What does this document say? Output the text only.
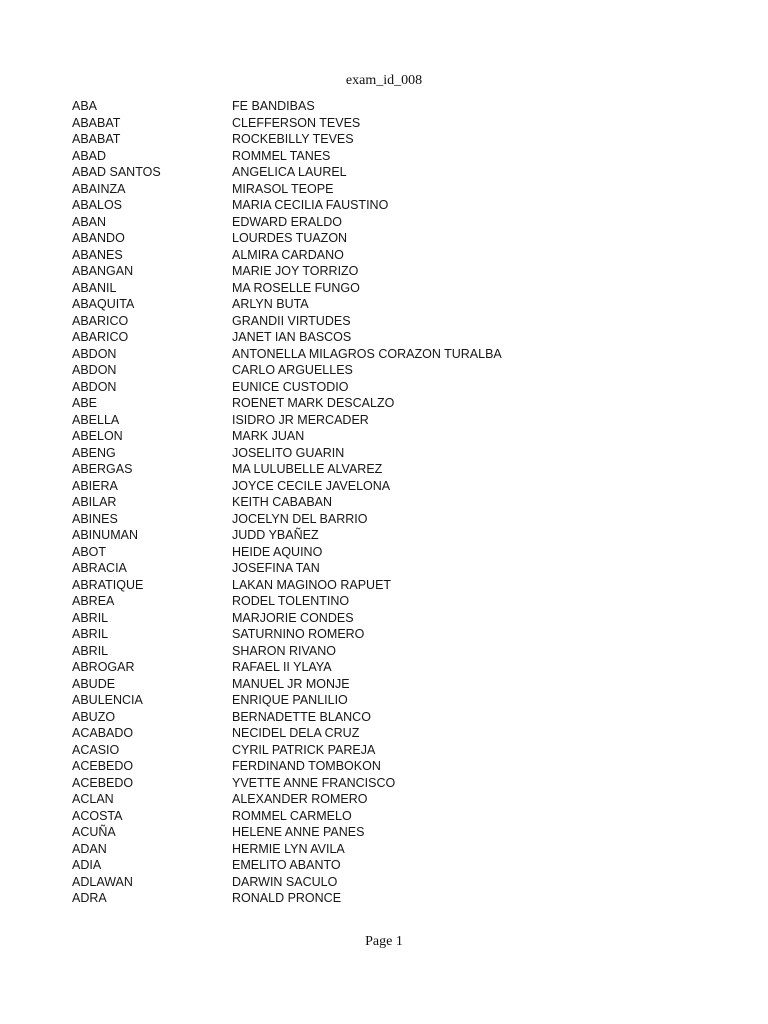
exam_id_008
ABA	FE BANDIBAS
ABABAT	CLEFFERSON TEVES
ABABAT	ROCKEBILLY TEVES
ABAD	ROMMEL TANES
ABAD SANTOS	ANGELICA LAUREL
ABAINZA	MIRASOL TEOPE
ABALOS	MARIA CECILIA FAUSTINO
ABAN	EDWARD ERALDO
ABANDO	LOURDES TUAZON
ABANES	ALMIRA CARDANO
ABANGAN	MARIE JOY TORRIZO
ABANIL	MA ROSELLE FUNGO
ABAQUITA	ARLYN BUTA
ABARICO	GRANDII VIRTUDES
ABARICO	JANET IAN BASCOS
ABDON	ANTONELLA MILAGROS CORAZON TURALBA
ABDON	CARLO ARGUELLES
ABDON	EUNICE CUSTODIO
ABE	ROENET MARK DESCALZO
ABELLA	ISIDRO JR MERCADER
ABELON	MARK JUAN
ABENG	JOSELITO GUARIN
ABERGAS	MA LULUBELLE ALVAREZ
ABIERA	JOYCE CECILE JAVELONA
ABILAR	KEITH CABABAN
ABINES	JOCELYN DEL BARRIO
ABINUMAN	JUDD YBAÑEZ
ABOT	HEIDE AQUINO
ABRACIA	JOSEFINA TAN
ABRATIQUE	LAKAN MAGINOO RAPUET
ABREA	RODEL TOLENTINO
ABRIL	MARJORIE CONDES
ABRIL	SATURNINO ROMERO
ABRIL	SHARON RIVANO
ABROGAR	RAFAEL II YLAYA
ABUDE	MANUEL JR MONJE
ABULENCIA	ENRIQUE PANLILIO
ABUZO	BERNADETTE BLANCO
ACABADO	NECIDEL DELA CRUZ
ACASIO	CYRIL PATRICK PAREJA
ACEBEDO	FERDINAND TOMBOKON
ACEBEDO	YVETTE ANNE FRANCISCO
ACLAN	ALEXANDER ROMERO
ACOSTA	ROMMEL CARMELO
ACUÑA	HELENE ANNE PANES
ADAN	HERMIE LYN AVILA
ADIA	EMELITO ABANTO
ADLAWAN	DARWIN SACULO
ADRA	RONALD PRONCE
Page 1
